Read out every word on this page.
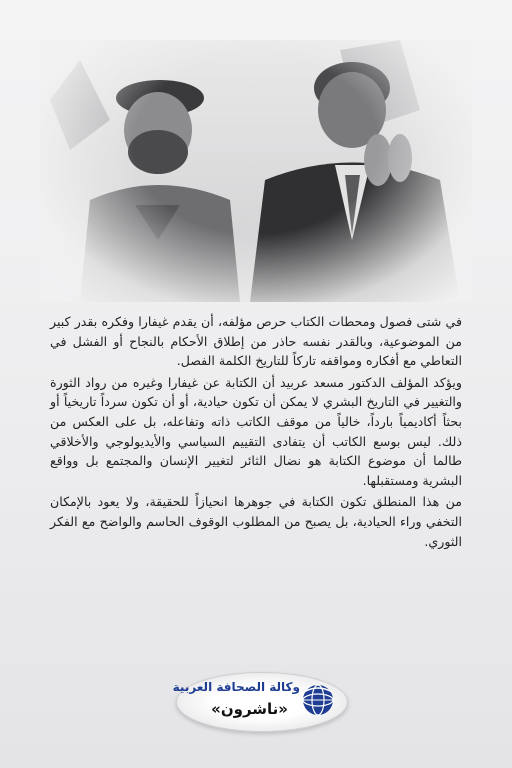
في شتى فصول ومحطات الكتاب حرص مؤلفه، أن يقدم غيفارا وفكره بقدر كبير من الموضوعية، وبالقدر نفسه حاذر من إطلاق الأحكام بالنجاح أو الفشل في التعاطي مع أفكاره ومواقفه تاركاً للتاريخ الكلمة الفصل.

ويؤكد المؤلف الدكتور مسعد عربيد أن الكتابة عن غيفارا وغيره من رواد الثورة والتغيير في التاريخ البشري لا يمكن أن تكون حيادية، أو أن تكون سرداً تاريخياً أو بحثاً أكاديمياً بارداً، خالياً من موقف الكاتب ذاته وتفاعله، بل على العكس من ذلك. ليس بوسع الكاتب أن يتفادى التقييم السياسي والأيديولوجي والأخلاقي طالما أن موضوع الكتابة هو نضال الثائر لتغيير الإنسان والمجتمع بل وواقع البشرية ومستقبلها.

من هذا المنطلق تكون الكتابة في جوهرها انحيازاً للحقيقة، ولا يعود بالإمكان التخفي وراء الحيادية، بل يصبح من المطلوب الوقوف الحاسم والواضح مع الفكر الثوري.

وكالة الصحافة العربية
«ناشرون»
